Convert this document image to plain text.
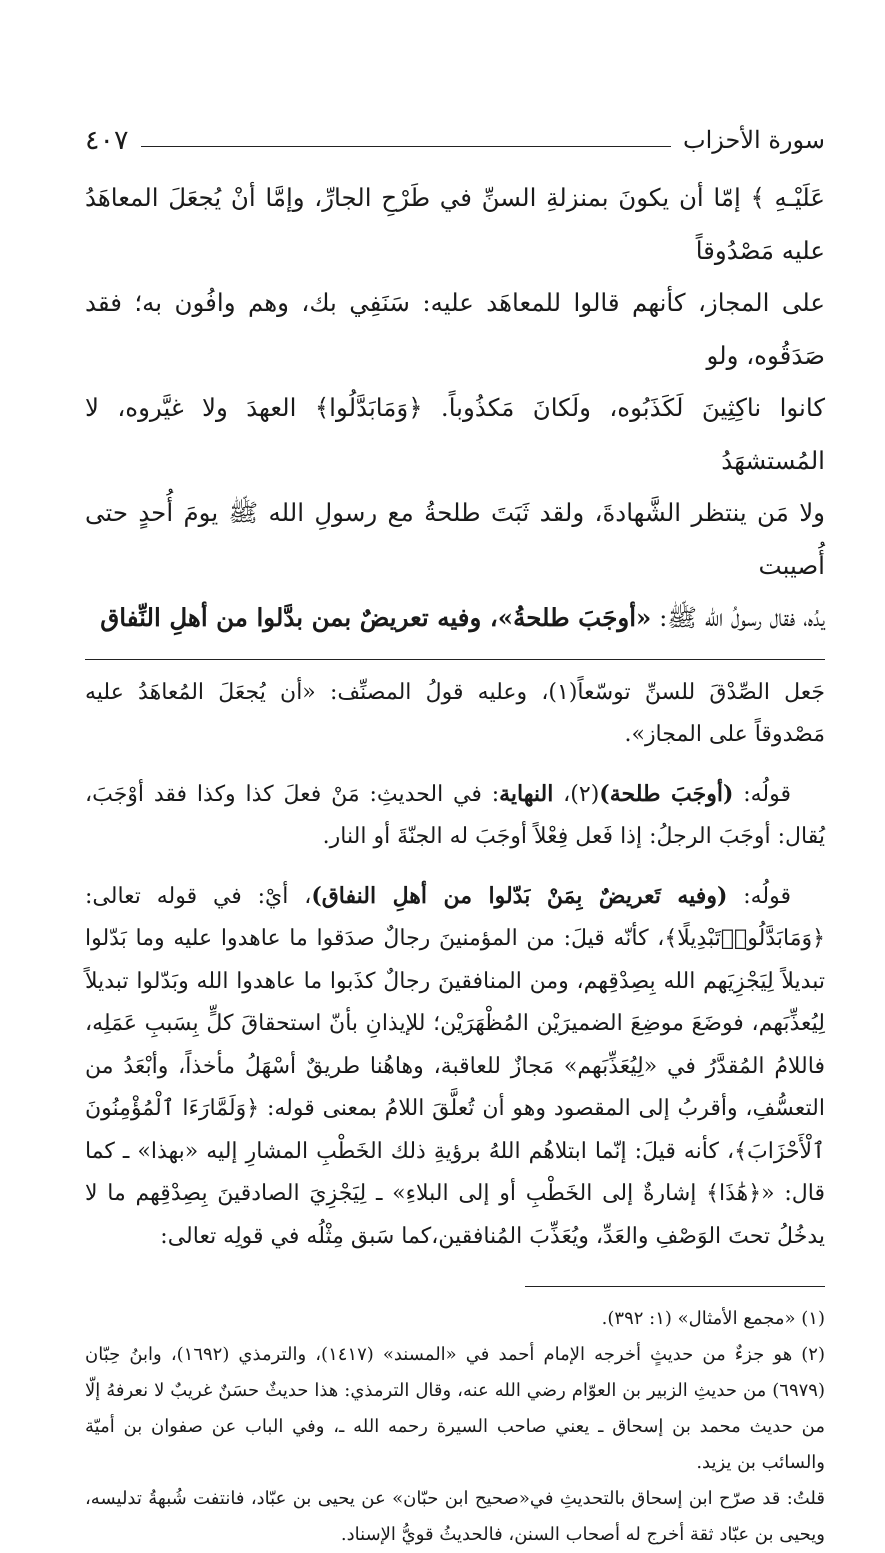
سورة الأحزاب
٤٠٧

عَلَيْـهِ ﴾ إمّا أن يكونَ بمنزلةِ السنِّ في طَرْحِ الجارِّ، وإمَّا أنْ يُجعَلَ المعاهَدُ عليه مَصْدُوقاً

على المجاز، كأنهم قالوا للمعاهَد عليه: سَنَفِي بك، وهم وافُون به؛ فقد صَدَقُوه، ولو

كانوا ناكِثِينَ لَكَذَبُوه، ولَكانَ مَكذُوباً. ﴿وَمَابَدَّلُوا﴾ العهدَ ولا غيَّروه، لا المُستشهَدُ

ولا مَن ينتظر الشَّهادةَ، ولقد ثَبَتَ طلحةُ مع رسولِ الله ﷺ يومَ أُحدٍ حتى أُصيبت

يدُه، فقال رسولُ الله ﷺ: «أوجَبَ طلحةُ»، وفيه تعريضٌ بمن بدَّلوا من أهلِ النِّفاق

جَعل الصِّدْقَ للسنِّ توسّعاً(١)، وعليه قولُ المصنِّف: «أن يُجعَلَ المُعاهَدُ عليه مَصْدوقاً على المجاز».

قولُه: (أوجَبَ طلحة)(٢)، النهاية: في الحديثِ: مَنْ فعلَ كذا وكذا فقد أوْجَبَ، يُقال: أوجَبَ الرجلُ: إذا فَعل فِعْلاً أوجَبَ له الجنّةَ أو النار.

قولُه: (وفيه تَعريضٌ بِمَنْ بَدّلوا من أهلِ النفاق)، أيْ: في قوله تعالى: ﴿وَمَابَدَّلُوا۟تَبْدِيلًا﴾، كأنّه قيلَ: من المؤمنينَ رجالٌ صدَقوا ما عاهدوا عليه وما بَدّلوا تبديلاً لِيَجْزِيَهم الله بِصِدْقِهم، ومن المنافقينَ رجالٌ كذَبوا ما عاهدوا الله وبَدّلوا تبديلاً لِيُعذِّبَهم، فوضَعَ موضِعَ الضميرَيْن المُظْهَرَيْن؛ للإيذانِ بأنّ استحقاقَ كلٍّ بِسَببِ عَمَلِه، فاللامُ المُقدَّرُ في «لِيُعَذِّبَهم» مَجازٌ للعاقبة، وهاهُنا طريقٌ أسْهَلُ مأخذاً، وأبْعَدُ من التعسُّفِ، وأقربُ إلى المقصود وهو أن تُعلَّقَ اللامُ بمعنى قوله: ﴿وَلَمَّارَءَا ٱلْمُؤْمِنُونَ ٱلْأَحْزَابَ﴾، كأنه قيلَ: إنّما ابتلاهُم اللهُ برؤيةِ ذلك الخَطْبِ المشارِ إليه «بهذا» ـ كما قال: «﴿هَٰذَا﴾ إشارةٌ إلى الخَطْبِ أو إلى البلاءِ» ـ لِيَجْزِيَ الصادقينَ بِصِدْقِهم ما لا يدخُلُ تحتَ الوَصْفِ والعَدِّ، ويُعَذِّبَ المُنافقين،كما سَبق مِثْلُه في قولِه تعالى:

(١) «مجمع الأمثال» (١: ٣٩٢).

(٢) هو جزءٌ من حديثٍ أخرجه الإمام أحمد في «المسند» (١٤١٧)، والترمذي (١٦٩٢)، وابنُ حِبّان (٦٩٧٩) من حديثِ الزبير بن العوّام رضي الله عنه، وقال الترمذي: هذا حديثٌ حسَنٌ غريبٌ لا نعرفهُ إلّا من حديث محمد بن إسحاق ـ يعني صاحب السيرة رحمه الله ـ، وفي الباب عن صفوان بن أميّة والسائب بن يزيد.

قلتُ: قد صرّح ابن إسحاق بالتحديثِ في«صحيح ابن حبّان» عن يحيى بن عبّاد، فانتفت شُبهةُ تدليسه، ويحيى بن عبّاد ثقة أخرج له أصحاب السنن، فالحديثُ قويُّ الإسناد.
